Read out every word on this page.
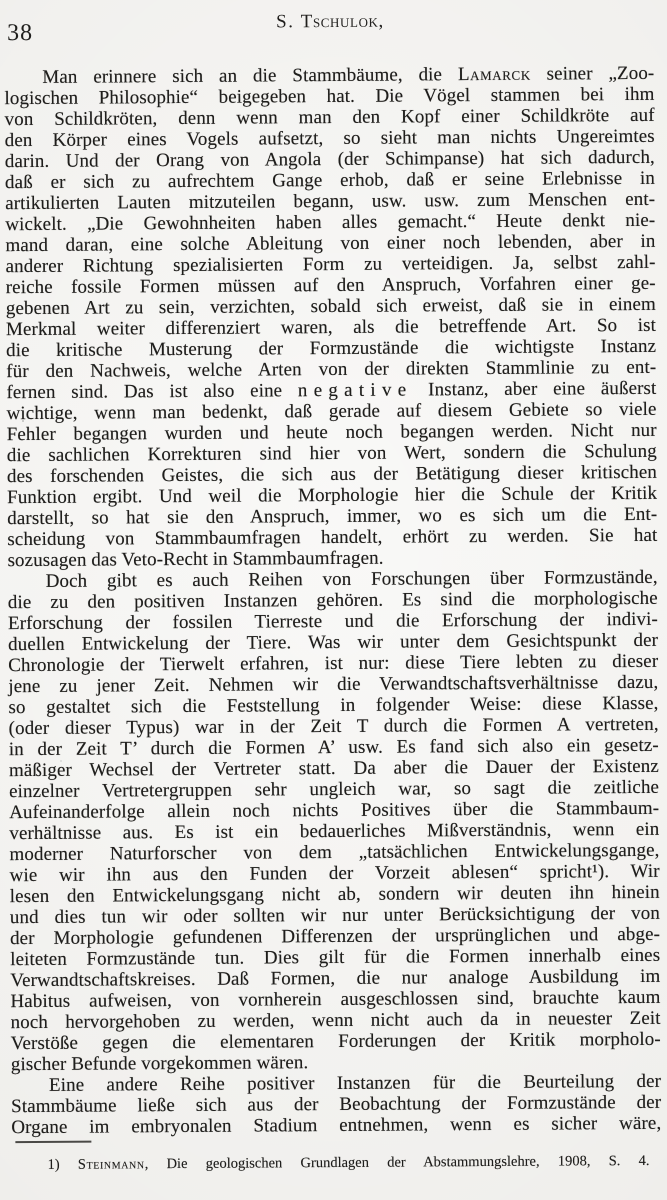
38	S. Tschulok,
Man erinnere sich an die Stammbäume, die Lamarck seiner „Zoo-
logischen Philosophie“ beigegeben hat. Die Vögel stammen bei ihm
von Schildkröten, denn wenn man den Kopf einer Schildkröte auf
den Körper eines Vogels aufsetzt, so sieht man nichts Ungereimtes
darin. Und der Orang von Angola (der Schimpanse) hat sich dadurch,
daß er sich zu aufrechtem Gange erhob, daß er seine Erlebnisse in
artikulierten Lauten mitzuteilen begann, usw. usw. zum Menschen ent-
wickelt. „Die Gewohnheiten haben alles gemacht.“ Heute denkt nie-
mand daran, eine solche Ableitung von einer noch lebenden, aber in
anderer Richtung spezialisierten Form zu verteidigen. Ja, selbst zahl-
reiche fossile Formen müssen auf den Anspruch, Vorfahren einer ge-
gebenen Art zu sein, verzichten, sobald sich erweist, daß sie in einem
Merkmal weiter differenziert waren, als die betreffende Art. So ist
die kritische Musterung der Formzustände die wichtigste Instanz
für den Nachweis, welche Arten von der direkten Stammlinie zu ent-
fernen sind. Das ist also eine negative Instanz, aber eine äußerst
wichtige, wenn man bedenkt, daß gerade auf diesem Gebiete so viele
Fehler begangen wurden und heute noch begangen werden. Nicht nur
die sachlichen Korrekturen sind hier von Wert, sondern die Schulung
des forschenden Geistes, die sich aus der Betätigung dieser kritischen
Funktion ergibt. Und weil die Morphologie hier die Schule der Kritik
darstellt, so hat sie den Anspruch, immer, wo es sich um die Ent-
scheidung von Stammbaumfragen handelt, erhört zu werden. Sie hat
sozusagen das Veto-Recht in Stammbaumfragen.
Doch gibt es auch Reihen von Forschungen über Formzustände,
die zu den positiven Instanzen gehören. Es sind die morphologische
Erforschung der fossilen Tierreste und die Erforschung der indivi-
duellen Entwickelung der Tiere. Was wir unter dem Gesichtspunkt der
Chronologie der Tierwelt erfahren, ist nur: diese Tiere lebten zu dieser
jene zu jener Zeit. Nehmen wir die Verwandtschaftsverhältnisse dazu,
so gestaltet sich die Feststellung in folgender Weise: diese Klasse,
(oder dieser Typus) war in der Zeit T durch die Formen A vertreten,
in der Zeit T’ durch die Formen A’ usw. Es fand sich also ein gesetz-
mäßiger Wechsel der Vertreter statt. Da aber die Dauer der Existenz
einzelner Vertretergruppen sehr ungleich war, so sagt die zeitliche
Aufeinanderfolge allein noch nichts Positives über die Stammbaum-
verhältnisse aus. Es ist ein bedauerliches Mißverständnis, wenn ein
moderner Naturforscher von dem „tatsächlichen Entwickelungsgange,
wie wir ihn aus den Funden der Vorzeit ablesen“ spricht¹). Wir
lesen den Entwickelungsgang nicht ab, sondern wir deuten ihn hinein
und dies tun wir oder sollten wir nur unter Berücksichtigung der von
der Morphologie gefundenen Differenzen der ursprünglichen und abge-
leiteten Formzustände tun. Dies gilt für die Formen innerhalb eines
Verwandtschaftskreises. Daß Formen, die nur analoge Ausbildung im
Habitus aufweisen, von vornherein ausgeschlossen sind, brauchte kaum
noch hervorgehoben zu werden, wenn nicht auch da in neuester Zeit
Verstöße gegen die elementaren Forderungen der Kritik morpholo-
gischer Befunde vorgekommen wären.
Eine andere Reihe positiver Instanzen für die Beurteilung der
Stammbäume ließe sich aus der Beobachtung der Formzustände der
Organe im embryonalen Stadium entnehmen, wenn es sicher wäre,
1) Steinmann, Die geologischen Grundlagen der Abstammungslehre, 1908, S. 4.
